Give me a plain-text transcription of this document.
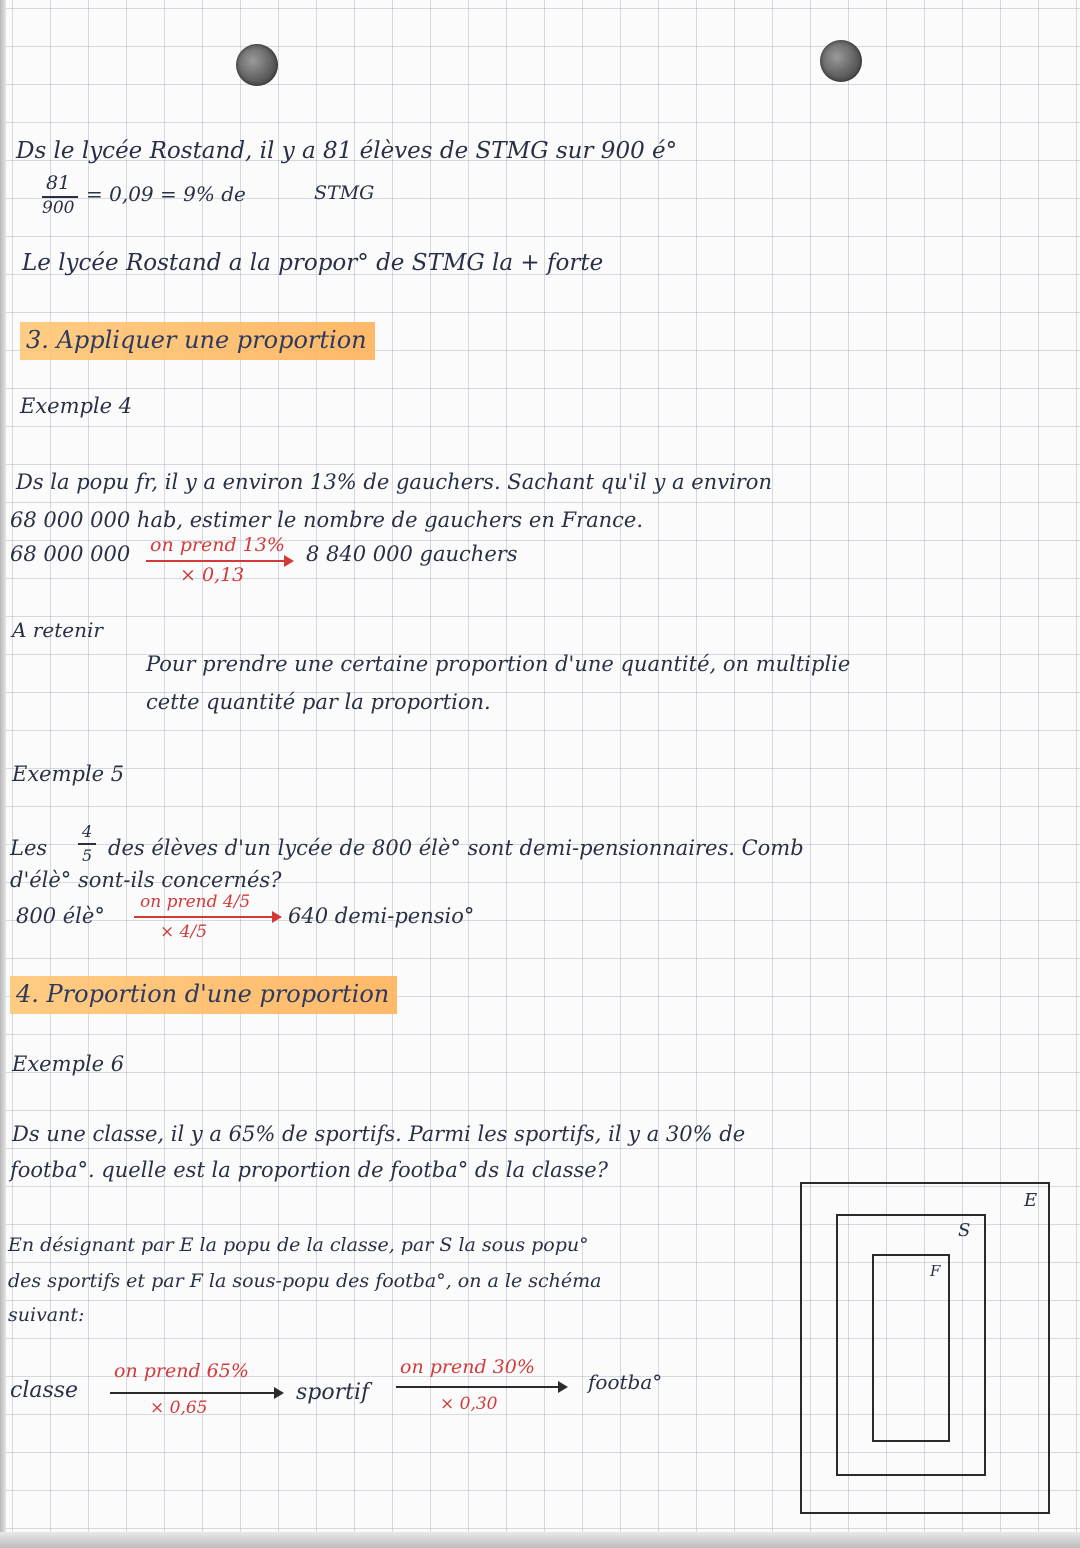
Ds le lycée Rostand, il y a 81 élèves de STMG sur 900 é°
81
900
= 0,09 = 9% de	STMG
Le lycée Rostand a la propor° de STMG la + forte
3. Appliquer une proportion
Exemple 4
Ds la popu fr, il y a environ 13% de gauchers. Sachant qu'il y a environ
68 000 000 hab, estimer le nombre de gauchers en France.
68 000 000 on prend 13%
× 0,13
8 840 000 gauchers
A retenir
Pour prendre une certaine proportion d'une quantité, on multiplie
cette quantité par la proportion.
Exemple 5
Les
4
5 des élèves d'un lycée de 800 élè° sont demi-pensionnaires. Comb
d'élè° sont-ils concernés?
800 élè°
on prend 4/5
× 4/5
640 demi-pensio°
4. Proportion d'une proportion
Exemple 6
Ds une classe, il y a 65% de sportifs. Parmi les sportifs, il y a 30% de
footba°. quelle est la proportion de footba° ds la classe?
En désignant par E la popu de la classe, par S la sous popu°
des sportifs et par F la sous-popu des footba°, on a le schéma
suivant:
classe
on prend 65%
× 0,65
sportif
on prend 30%
× 0,30
footba°
E
S
F
